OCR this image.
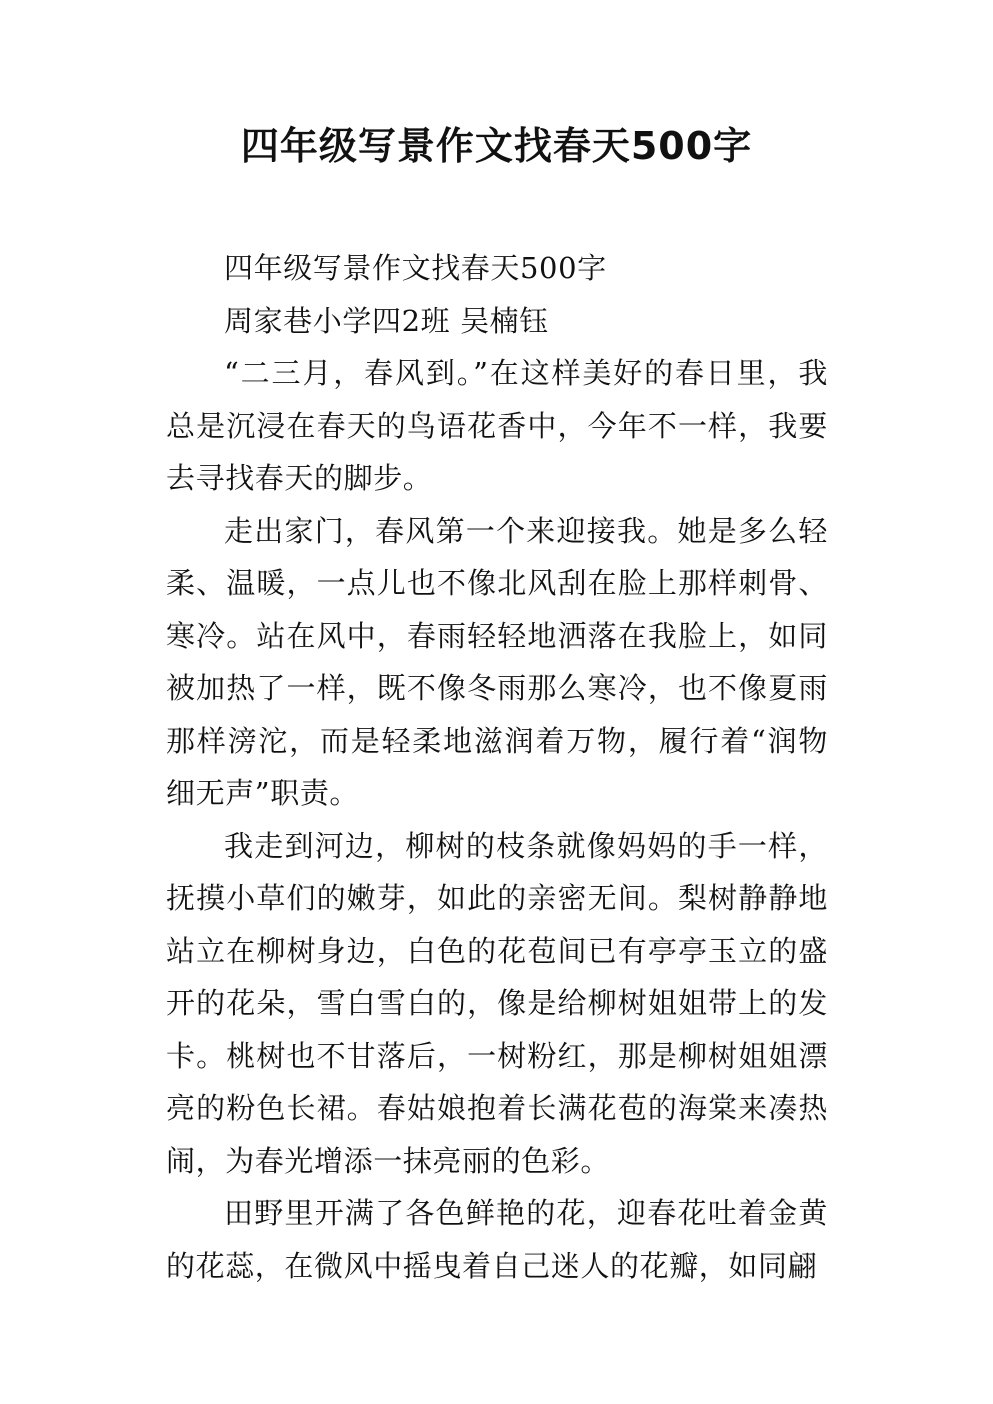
四年级写景作文找春天500字

四年级写景作文找春天500字

周家巷小学四2班 吴楠钰

“二三月，春风到。”在这样美好的春日里，我总是沉浸在春天的鸟语花香中，今年不一样，我要去寻找春天的脚步。

走出家门，春风第一个来迎接我。她是多么轻柔、温暖，一点儿也不像北风刮在脸上那样刺骨、寒冷。站在风中，春雨轻轻地洒落在我脸上，如同被加热了一样，既不像冬雨那么寒冷，也不像夏雨那样滂沱，而是轻柔地滋润着万物，履行着“润物细无声”职责。

我走到河边，柳树的枝条就像妈妈的手一样，抚摸小草们的嫩芽，如此的亲密无间。梨树静静地站立在柳树身边，白色的花苞间已有亭亭玉立的盛开的花朵，雪白雪白的，像是给柳树姐姐带上的发卡。桃树也不甘落后，一树粉红，那是柳树姐姐漂亮的粉色长裙。春姑娘抱着长满花苞的海棠来凑热闹，为春光增添一抹亮丽的色彩。

田野里开满了各色鲜艳的花，迎春花吐着金黄的花蕊，在微风中摇曳着自己迷人的花瓣，如同翩
